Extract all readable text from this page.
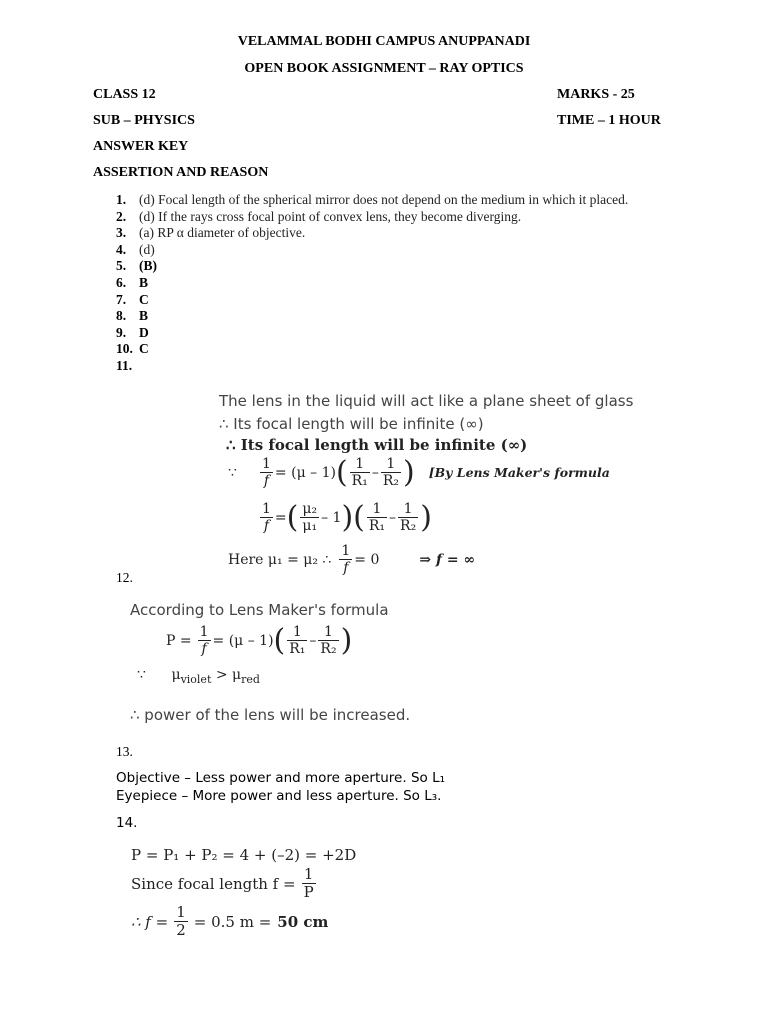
VELAMMAL BODHI CAMPUS ANUPPANADI
OPEN BOOK ASSIGNMENT – RAY OPTICS
CLASS 12	MARKS - 25
SUB – PHYSICS	TIME – 1 HOUR
ANSWER KEY
ASSERTION AND REASON
1. (d) Focal length of the spherical mirror does not depend on the medium in which it placed.
2. (d) If the rays cross focal point of convex lens, they become diverging.
3. (a) RP α diameter of objective.
4. (d)
5. (B)
6. B
7. C
8. B
9. D
10. C
11.
The lens in the liquid will act like a plane sheet of glass
∴ Its focal length will be infinite (∞)
∴ Its focal length will be infinite (∞)
∵	$\frac{1}{f} = (\mu - 1)$ ( $\frac{1}{\text{R₁}} - \frac{1}{\text{R₂}}$ ) [By Lens Maker's formula
$\frac{1}{f}$ = ( $\frac{\text{μ₂}}{\text{μ₁}} - 1$ ) ( $\frac{1}{\text{R₁}} - \frac{1}{\text{R₂}}$ )
Here μ₁ = μ₂ ∴ $\frac{1}{f} = 0$	⇒ f = ∞
12.
According to Lens Maker's formula
$P = \frac{1}{f} = (\mu - 1)$ ( $\frac{1}{\text{R₁}} - \frac{1}{\text{R₂}}$ )
∵ $\mu_{violet} > \mu_{red}$
∴ power of the lens will be increased.
13.
Objective – Less power and more aperture. So L₁
Eyepiece – More power and less aperture. So L₃.
14.
P = P₁ + P₂ = 4 + (–2) = +2D
Since focal length $f = \frac{1}{P}$
∴ $f = \frac{1}{2} = 0.5$ m = 50 cm
